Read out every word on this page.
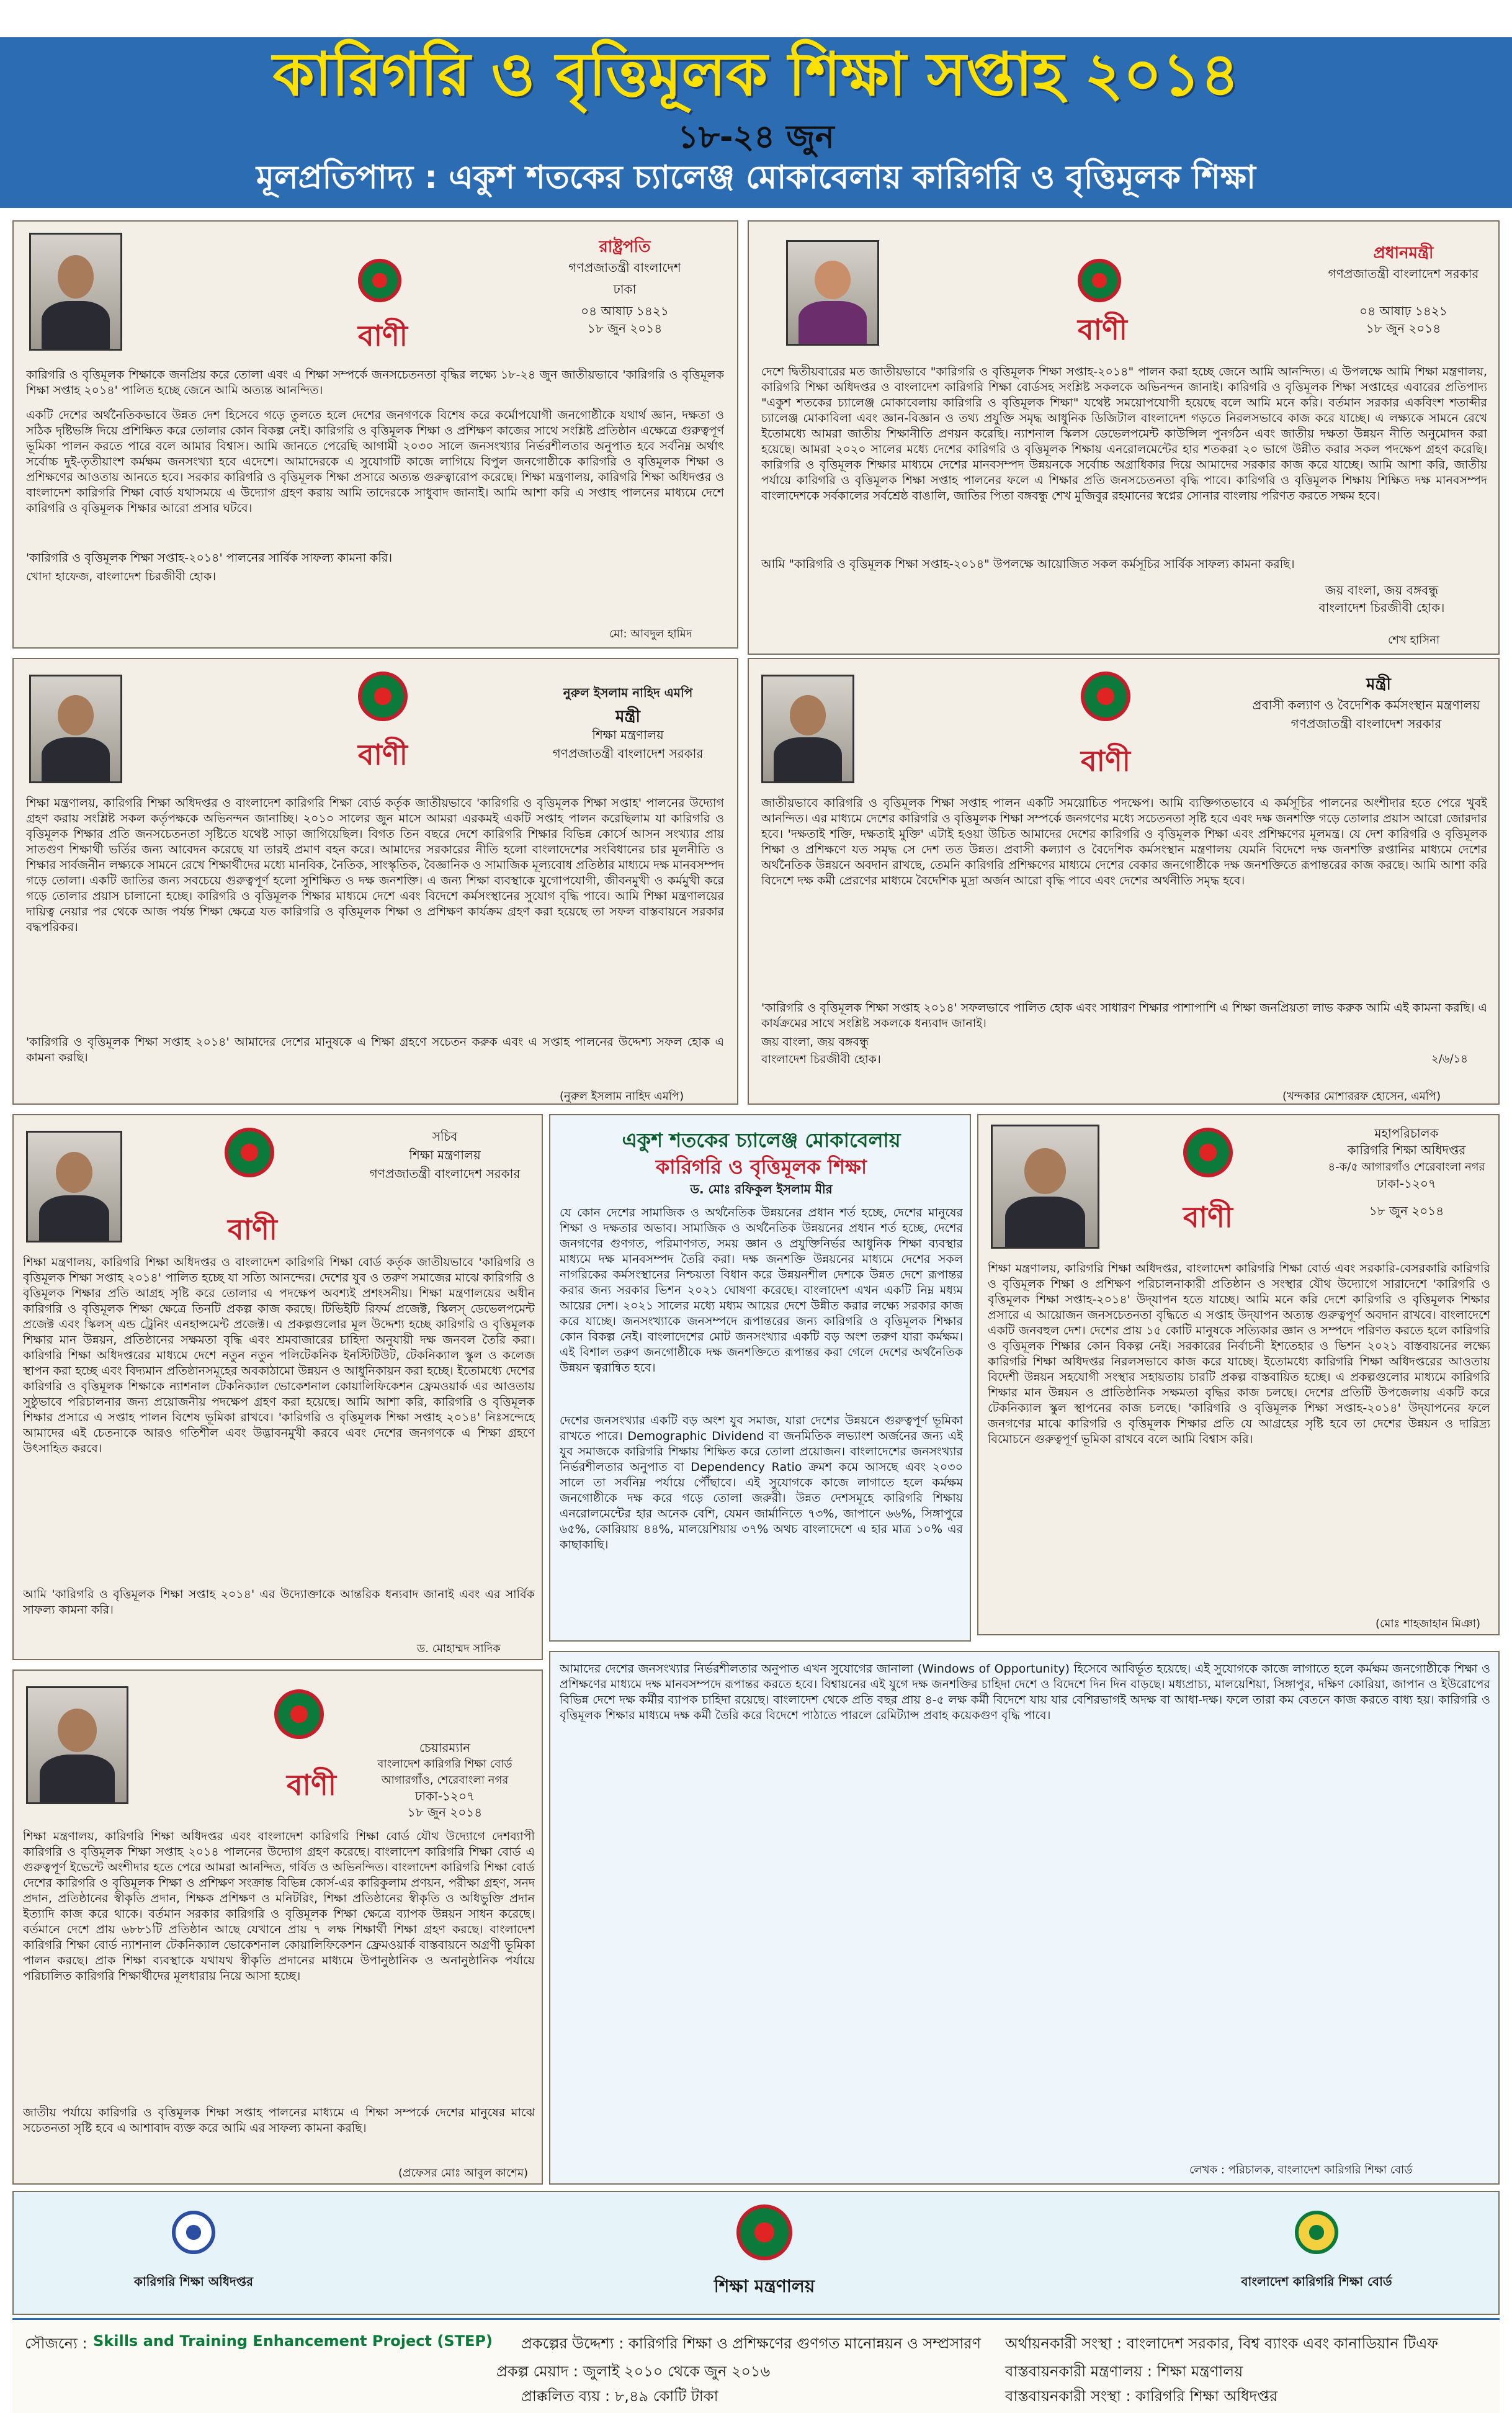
কারিগরি ও বৃত্তিমূলক শিক্ষা সপ্তাহ ২০১৪
১৮-২৪ জুন
মূলপ্রতিপাদ্য : একুশ শতকের চ্যালেঞ্জ মোকাবেলায় কারিগরি ও বৃত্তিমূলক শিক্ষা
বাণী
রাষ্ট্রপতি
গণপ্রজাতন্ত্রী বাংলাদেশ
ঢাকা
০৪ আষাঢ় ১৪২১
১৮ জুন ২০১৪
কারিগরি ও বৃত্তিমূলক শিক্ষাকে জনপ্রিয় করে তোলা এবং এ শিক্ষা সম্পর্কে জনসচেতনতা বৃদ্ধির লক্ষ্যে ১৮-২৪ জুন জাতীয়ভাবে 'কারিগরি ও বৃত্তিমূলক শিক্ষা সপ্তাহ ২০১৪' পালিত হচ্ছে জেনে আমি অত্যন্ত আনন্দিত।
একটি দেশের অর্থনৈতিকভাবে উন্নত দেশ হিসেবে গড়ে তুলতে হলে দেশের জনগণকে বিশেষ করে কর্মোপযোগী জনগোষ্ঠীকে যথার্থ জ্ঞান, দক্ষতা ও সঠিক দৃষ্টিভঙ্গি দিয়ে প্রশিক্ষিত করে তোলার কোন বিকল্প নেই। কারিগরি ও বৃত্তিমূলক শিক্ষা ও প্রশিক্ষণ কাজের সাথে সংশ্লিষ্ট প্রতিষ্ঠান এক্ষেত্রে গুরুত্বপূর্ণ ভূমিকা পালন করতে পারে বলে আমার বিশ্বাস। আমি জানতে পেরেছি আগামী ২০৩০ সালে জনসংখ্যার নির্ভরশীলতার অনুপাত হবে সর্বনিম্ন অর্থাৎ সর্বোচ্চ দুই-তৃতীয়াংশ কর্মক্ষম জনসংখ্যা হবে এদেশে। আমাদেরকে এ সুযোগটি কাজে লাগিয়ে বিপুল জনগোষ্ঠীকে কারিগরি ও বৃত্তিমূলক শিক্ষা ও প্রশিক্ষণের আওতায় আনতে হবে। সরকার কারিগরি ও বৃত্তিমূলক শিক্ষা প্রসারে অত্যন্ত গুরুত্বারোপ করেছে। শিক্ষা মন্ত্রণালয়, কারিগরি শিক্ষা অধিদপ্তর ও বাংলাদেশ কারিগরি শিক্ষা বোর্ড যথাসময়ে এ উদ্যোগ গ্রহণ করায় আমি তাদেরকে সাধুবাদ জানাই। আমি আশা করি এ সপ্তাহ পালনের মাধ্যমে দেশে কারিগরি ও বৃত্তিমূলক শিক্ষার আরো প্রসার ঘটবে।
'কারিগরি ও বৃত্তিমূলক শিক্ষা সপ্তাহ-২০১৪' পালনের সার্বিক সাফল্য কামনা করি।
খোদা হাফেজ, বাংলাদেশ চিরজীবী হোক।
মো: আবদুল হামিদ
বাণী
প্রধানমন্ত্রী
গণপ্রজাতন্ত্রী বাংলাদেশ সরকার
০৪ আষাঢ় ১৪২১
১৮ জুন ২০১৪
দেশে দ্বিতীয়বারের মত জাতীয়ভাবে "কারিগরি ও বৃত্তিমূলক শিক্ষা সপ্তাহ-২০১৪" পালন করা হচ্ছে জেনে আমি আনন্দিত। এ উপলক্ষে আমি শিক্ষা মন্ত্রণালয়, কারিগরি শিক্ষা অধিদপ্তর ও বাংলাদেশ কারিগরি শিক্ষা বোর্ডসহ সংশ্লিষ্ট সকলকে অভিনন্দন জানাই। কারিগরি ও বৃত্তিমূলক শিক্ষা সপ্তাহের এবারের প্রতিপাদ্য "একুশ শতকের চ্যালেঞ্জ মোকাবেলায় কারিগরি ও বৃত্তিমূলক শিক্ষা" যথেষ্ট সময়োপযোগী হয়েছে বলে আমি মনে করি। বর্তমান সরকার একবিংশ শতাব্দীর চ্যালেঞ্জ মোকাবিলা এবং জ্ঞান-বিজ্ঞান ও তথ্য প্রযুক্তি সমৃদ্ধ আধুনিক ডিজিটাল বাংলাদেশ গড়তে নিরলসভাবে কাজ করে যাচ্ছে। এ লক্ষ্যকে সামনে রেখে ইতোমধ্যে আমরা জাতীয় শিক্ষানীতি প্রণয়ন করেছি। ন্যাশনাল স্কিলস ডেভেলপমেন্ট কাউন্সিল পুনর্গঠন এবং জাতীয় দক্ষতা উন্নয়ন নীতি অনুমোদন করা হয়েছে। আমরা ২০২০ সালের মধ্যে দেশের কারিগরি ও বৃত্তিমূলক শিক্ষায় এনরোলমেন্টের হার শতকরা ২০ ভাগে উন্নীত করার সকল পদক্ষেপ গ্রহণ করেছি। কারিগরি ও বৃত্তিমূলক শিক্ষার মাধ্যমে দেশের মানবসম্পদ উন্নয়নকে সর্বোচ্চ অগ্রাধিকার দিয়ে আমাদের সরকার কাজ করে যাচ্ছে। আমি আশা করি, জাতীয় পর্যায়ে কারিগরি ও বৃত্তিমূলক শিক্ষা সপ্তাহ পালনের ফলে এ শিক্ষার প্রতি জনসচেতনতা বৃদ্ধি পাবে। কারিগরি ও বৃত্তিমূলক শিক্ষায় শিক্ষিত দক্ষ মানবসম্পদ বাংলাদেশকে সর্বকালের সর্বশ্রেষ্ঠ বাঙালি, জাতির পিতা বঙ্গবন্ধু শেখ মুজিবুর রহমানের স্বপ্নের সোনার বাংলায় পরিণত করতে সক্ষম হবে।
আমি "কারিগরি ও বৃত্তিমূলক শিক্ষা সপ্তাহ-২০১৪" উপলক্ষে আয়োজিত সকল কর্মসূচির সার্বিক সাফল্য কামনা করছি।
জয় বাংলা, জয় বঙ্গবন্ধু
বাংলাদেশ চিরজীবী হোক।
শেখ হাসিনা
বাণী
নুরুল ইসলাম নাহিদ এমপি
মন্ত্রী
শিক্ষা মন্ত্রণালয়
গণপ্রজাতন্ত্রী বাংলাদেশ সরকার
শিক্ষা মন্ত্রণালয়, কারিগরি শিক্ষা অধিদপ্তর ও বাংলাদেশ কারিগরি শিক্ষা বোর্ড কর্তৃক জাতীয়ভাবে 'কারিগরি ও বৃত্তিমূলক শিক্ষা সপ্তাহ' পালনের উদ্যোগ গ্রহণ করায় সংশ্লিষ্ট সকল কর্তৃপক্ষকে অভিনন্দন জানাচ্ছি। ২০১০ সালের জুন মাসে আমরা এরকমই একটি সপ্তাহ পালন করেছিলাম যা কারিগরি ও বৃত্তিমূলক শিক্ষার প্রতি জনসচেতনতা সৃষ্টিতে যথেষ্ট সাড়া জাগিয়েছিল। বিগত তিন বছরে দেশে কারিগরি শিক্ষার বিভিন্ন কোর্সে আসন সংখ্যার প্রায় সাতগুণ শিক্ষার্থী ভর্তির জন্য আবেদন করেছে যা তারই প্রমাণ বহন করে। আমাদের সরকারের নীতি হলো বাংলাদেশের সংবিধানের চার মূলনীতি ও শিক্ষার সার্বজনীন লক্ষ্যকে সামনে রেখে শিক্ষার্থীদের মধ্যে মানবিক, নৈতিক, সাংস্কৃতিক, বৈজ্ঞানিক ও সামাজিক মূল্যবোধ প্রতিষ্ঠার মাধ্যমে দক্ষ মানবসম্পদ গড়ে তোলা। একটি জাতির জন্য সবচেয়ে গুরুত্বপূর্ণ হলো সুশিক্ষিত ও দক্ষ জনশক্তি। এ জন্য শিক্ষা ব্যবস্থাকে যুগোপযোগী, জীবনমুখী ও কর্মমুখী করে গড়ে তোলার প্রয়াস চালানো হচ্ছে। কারিগরি ও বৃত্তিমূলক শিক্ষার মাধ্যমে দেশে এবং বিদেশে কর্মসংস্থানের সুযোগ বৃদ্ধি পাবে। আমি শিক্ষা মন্ত্রণালয়ের দায়িত্ব নেয়ার পর থেকে আজ পর্যন্ত শিক্ষা ক্ষেত্রে যত কারিগরি ও বৃত্তিমূলক শিক্ষা ও প্রশিক্ষণ কার্যক্রম গ্রহণ করা হয়েছে তা সফল বাস্তবায়নে সরকার বদ্ধপরিকর।
'কারিগরি ও বৃত্তিমূলক শিক্ষা সপ্তাহ ২০১৪' আমাদের দেশের মানুষকে এ শিক্ষা গ্রহণে সচেতন করুক এবং এ সপ্তাহ পালনের উদ্দেশ্য সফল হোক এ কামনা করছি।
(নুরুল ইসলাম নাহিদ এমপি)
বাণী
মন্ত্রী
প্রবাসী কল্যাণ ও বৈদেশিক কর্মসংস্থান মন্ত্রণালয়
গণপ্রজাতন্ত্রী বাংলাদেশ সরকার
জাতীয়ভাবে কারিগরি ও বৃত্তিমূলক শিক্ষা সপ্তাহ পালন একটি সময়োচিত পদক্ষেপ। আমি ব্যক্তিগতভাবে এ কর্মসূচির পালনের অংশীদার হতে পেরে খুবই আনন্দিত। এর মাধ্যমে দেশের কারিগরি ও বৃত্তিমূলক শিক্ষা সম্পর্কে জনগণের মধ্যে সচেতনতা সৃষ্টি হবে এবং দক্ষ জনশক্তি গড়ে তোলার প্রয়াস আরো জোরদার হবে। 'দক্ষতাই শক্তি, দক্ষতাই মুক্তি' এটাই হওয়া উচিত আমাদের দেশের কারিগরি ও বৃত্তিমূলক শিক্ষা এবং প্রশিক্ষণের মূলমন্ত্র। যে দেশ কারিগরি ও বৃত্তিমূলক শিক্ষা ও প্রশিক্ষণে যত সমৃদ্ধ সে দেশ তত উন্নত। প্রবাসী কল্যাণ ও বৈদেশিক কর্মসংস্থান মন্ত্রণালয় যেমনি বিদেশে দক্ষ জনশক্তি রপ্তানির মাধ্যমে দেশের অর্থনৈতিক উন্নয়নে অবদান রাখছে, তেমনি কারিগরি প্রশিক্ষণের মাধ্যমে দেশের বেকার জনগোষ্ঠীকে দক্ষ জনশক্তিতে রূপান্তরের কাজ করছে। আমি আশা করি বিদেশে দক্ষ কর্মী প্রেরণের মাধ্যমে বৈদেশিক মুদ্রা অর্জন আরো বৃদ্ধি পাবে এবং দেশের অর্থনীতি সমৃদ্ধ হবে।
'কারিগরি ও বৃত্তিমূলক শিক্ষা সপ্তাহ ২০১৪' সফলভাবে পালিত হোক এবং সাধারণ শিক্ষার পাশাপাশি এ শিক্ষা জনপ্রিয়তা লাভ করুক আমি এই কামনা করছি। এ কার্যক্রমের সাথে সংশ্লিষ্ট সকলকে ধন্যবাদ জানাই।
জয় বাংলা, জয় বঙ্গবন্ধু
বাংলাদেশ চিরজীবী হোক।	২/৬/১৪
(খন্দকার মোশাররফ হোসেন, এমপি)
বাণী
সচিব
শিক্ষা মন্ত্রণালয়
গণপ্রজাতন্ত্রী বাংলাদেশ সরকার
শিক্ষা মন্ত্রণালয়, কারিগরি শিক্ষা অধিদপ্তর ও বাংলাদেশ কারিগরি শিক্ষা বোর্ড কর্তৃক জাতীয়ভাবে 'কারিগরি ও বৃত্তিমূলক শিক্ষা সপ্তাহ ২০১৪' পালিত হচ্ছে যা সত্যি আনন্দের। দেশের যুব ও তরুণ সমাজের মাঝে কারিগরি ও বৃত্তিমূলক শিক্ষার প্রতি আগ্রহ সৃষ্টি করে তোলার এ পদক্ষেপ অবশ্যই প্রশংসনীয়। শিক্ষা মন্ত্রণালয়ের অধীন কারিগরি ও বৃত্তিমূলক শিক্ষা ক্ষেত্রে তিনটি প্রকল্প কাজ করছে। টিভিইটি রিফর্ম প্রজেক্ট, স্কিলস্ ডেভেলপমেন্ট প্রজেক্ট এবং স্কিলস্ এন্ড ট্রেনিং এনহান্সমেন্ট প্রজেক্ট। এ প্রকল্পগুলোর মূল উদ্দেশ্য হচ্ছে কারিগরি ও বৃত্তিমূলক শিক্ষার মান উন্নয়ন, প্রতিষ্ঠানের সক্ষমতা বৃদ্ধি এবং শ্রমবাজারের চাহিদা অনুযায়ী দক্ষ জনবল তৈরি করা। কারিগরি শিক্ষা অধিদপ্তরের মাধ্যমে দেশে নতুন নতুন পলিটেকনিক ইনস্টিটিউট, টেকনিক্যাল স্কুল ও কলেজ স্থাপন করা হচ্ছে এবং বিদ্যমান প্রতিষ্ঠানসমূহের অবকাঠামো উন্নয়ন ও আধুনিকায়ন করা হচ্ছে। ইতোমধ্যে দেশের কারিগরি ও বৃত্তিমূলক শিক্ষাকে ন্যাশনাল টেকনিক্যাল ভোকেশনাল কোয়ালিফিকেশন ফ্রেমওয়ার্ক এর আওতায় সুষ্ঠুভাবে পরিচালনার জন্য প্রয়োজনীয় পদক্ষেপ গ্রহণ করা হয়েছে। আমি আশা করি, কারিগরি ও বৃত্তিমূলক শিক্ষার প্রসারে এ সপ্তাহ পালন বিশেষ ভূমিকা রাখবে। 'কারিগরি ও বৃত্তিমূলক শিক্ষা সপ্তাহ ২০১৪' নিঃসন্দেহে আমাদের এই চেতনাকে আরও গতিশীল এবং উদ্ভাবনমুখী করবে এবং দেশের জনগণকে এ শিক্ষা গ্রহণে উৎসাহিত করবে।
আমি 'কারিগরি ও বৃত্তিমূলক শিক্ষা সপ্তাহ ২০১৪' এর উদ্যোক্তাকে আন্তরিক ধন্যবাদ জানাই এবং এর সার্বিক সাফল্য কামনা করি।
ড. মোহাম্মদ সাদিক
একুশ শতকের চ্যালেঞ্জ মোকাবেলায়
কারিগরি ও বৃত্তিমূলক শিক্ষা
ড. মোঃ রফিকুল ইসলাম মীর
যে কোন দেশের সামাজিক ও অর্থনৈতিক উন্নয়নের প্রধান শর্ত হচ্ছে, দেশের মানুষের শিক্ষা ও দক্ষতার অভাব। সামাজিক ও অর্থনৈতিক উন্নয়নের প্রধান শর্ত হচ্ছে, দেশের জনগণের গুণগত, পরিমাণগত, সময় জ্ঞান ও প্রযুক্তিনির্ভর আধুনিক শিক্ষা ব্যবস্থার মাধ্যমে দক্ষ মানবসম্পদ তৈরি করা। দক্ষ জনশক্তি উন্নয়নের মাধ্যমে দেশের সকল নাগরিকের কর্মসংস্থানের নিশ্চয়তা বিধান করে উন্নয়নশীল দেশকে উন্নত দেশে রূপান্তর করার জন্য সরকার ভিশন ২০২১ ঘোষণা করেছে। বাংলাদেশ এখন একটি নিম্ন মধ্যম আয়ের দেশ। ২০২১ সালের মধ্যে মধ্যম আয়ের দেশে উন্নীত করার লক্ষ্যে সরকার কাজ করে যাচ্ছে। জনসংখ্যাকে জনসম্পদে রূপান্তরের জন্য কারিগরি ও বৃত্তিমূলক শিক্ষার কোন বিকল্প নেই। বাংলাদেশের মোট জনসংখ্যার একটি বড় অংশ তরুণ যারা কর্মক্ষম। এই বিশাল তরুণ জনগোষ্ঠীকে দক্ষ জনশক্তিতে রূপান্তর করা গেলে দেশের অর্থনৈতিক উন্নয়ন ত্বরান্বিত হবে।
দেশের জনসংখ্যার একটি বড় অংশ যুব সমাজ, যারা দেশের উন্নয়নে গুরুত্বপূর্ণ ভূমিকা রাখতে পারে। Demographic Dividend বা জনমিতিক লভ্যাংশ অর্জনের জন্য এই যুব সমাজকে কারিগরি শিক্ষায় শিক্ষিত করে তোলা প্রয়োজন। বাংলাদেশের জনসংখ্যার নির্ভরশীলতার অনুপাত বা Dependency Ratio ক্রমশ কমে আসছে এবং ২০৩০ সালে তা সর্বনিম্ন পর্যায়ে পৌঁছাবে। এই সুযোগকে কাজে লাগাতে হলে কর্মক্ষম জনগোষ্ঠীকে দক্ষ করে গড়ে তোলা জরুরী। উন্নত দেশসমূহে কারিগরি শিক্ষায় এনরোলমেন্টের হার অনেক বেশি, যেমন জার্মানিতে ৭৩%, জাপানে ৬৬%, সিঙ্গাপুরে ৬৫%, কোরিয়ায় ৪৪%, মালয়েশিয়ায় ৩৭% অথচ বাংলাদেশে এ হার মাত্র ১০% এর কাছাকাছি।
বাণী
মহাপরিচালক
কারিগরি শিক্ষা অধিদপ্তর
৪-ক/৫ আগারগাঁও শেরেবাংলা নগর
ঢাকা-১২০৭
১৮ জুন ২০১৪
শিক্ষা মন্ত্রণালয়, কারিগরি শিক্ষা অধিদপ্তর, বাংলাদেশ কারিগরি শিক্ষা বোর্ড এবং সরকারি-বেসরকারি কারিগরি ও বৃত্তিমূলক শিক্ষা ও প্রশিক্ষণ পরিচালনাকারী প্রতিষ্ঠান ও সংস্থার যৌথ উদ্যোগে সারাদেশে 'কারিগরি ও বৃত্তিমূলক শিক্ষা সপ্তাহ-২০১৪' উদ্‌যাপন হতে যাচ্ছে। আমি মনে করি দেশে কারিগরি ও বৃত্তিমূলক শিক্ষার প্রসারে এ আয়োজন জনসচেতনতা বৃদ্ধিতে এ সপ্তাহ উদ্‌যাপন অত্যন্ত গুরুত্বপূর্ণ অবদান রাখবে। বাংলাদেশে একটি জনবহুল দেশ। দেশের প্রায় ১৫ কোটি মানুষকে সত্যিকার জ্ঞান ও সম্পদে পরিণত করতে হলে কারিগরি ও বৃত্তিমূলক শিক্ষার কোন বিকল্প নেই। সরকারের নির্বাচনী ইশতেহার ও ভিশন ২০২১ বাস্তবায়নের লক্ষ্যে কারিগরি শিক্ষা অধিদপ্তর নিরলসভাবে কাজ করে যাচ্ছে। ইতোমধ্যে কারিগরি শিক্ষা অধিদপ্তরের আওতায় বিদেশী উন্নয়ন সহযোগী সংস্থার সহায়তায় চারটি প্রকল্প বাস্তবায়িত হচ্ছে। এ প্রকল্পগুলোর মাধ্যমে কারিগরি শিক্ষার মান উন্নয়ন ও প্রাতিষ্ঠানিক সক্ষমতা বৃদ্ধির কাজ চলছে। দেশের প্রতিটি উপজেলায় একটি করে টেকনিক্যাল স্কুল স্থাপনের কাজ চলছে। 'কারিগরি ও বৃত্তিমূলক শিক্ষা সপ্তাহ-২০১৪' উদ্‌যাপনের ফলে জনগণের মাঝে কারিগরি ও বৃত্তিমূলক শিক্ষার প্রতি যে আগ্রহের সৃষ্টি হবে তা দেশের উন্নয়ন ও দারিদ্র্য বিমোচনে গুরুত্বপূর্ণ ভূমিকা রাখবে বলে আমি বিশ্বাস করি।
(মোঃ শাহজাহান মিঞা)
বাণী
চেয়ারম্যান
বাংলাদেশ কারিগরি শিক্ষা বোর্ড
আগারগাঁও, শেরেবাংলা নগর
ঢাকা-১২০৭
১৮ জুন ২০১৪
শিক্ষা মন্ত্রণালয়, কারিগরি শিক্ষা অধিদপ্তর এবং বাংলাদেশ কারিগরি শিক্ষা বোর্ড যৌথ উদ্যোগে দেশব্যাপী কারিগরি ও বৃত্তিমূলক শিক্ষা সপ্তাহ ২০১৪ পালনের উদ্যোগ গ্রহণ করেছে। বাংলাদেশ কারিগরি শিক্ষা বোর্ড এ গুরুত্বপূর্ণ ইভেন্টে অংশীদার হতে পেরে আমরা আনন্দিত, গর্বিত ও অভিনন্দিত। বাংলাদেশ কারিগরি শিক্ষা বোর্ড দেশের কারিগরি ও বৃত্তিমূলক শিক্ষা ও প্রশিক্ষণ সংক্রান্ত বিভিন্ন কোর্স-এর কারিকুলাম প্রণয়ন, পরীক্ষা গ্রহণ, সনদ প্রদান, প্রতিষ্ঠানের স্বীকৃতি প্রদান, শিক্ষক প্রশিক্ষণ ও মনিটরিং, শিক্ষা প্রতিষ্ঠানের স্বীকৃতি ও অধিভুক্তি প্রদান ইত্যাদি কাজ করে থাকে। বর্তমান সরকার কারিগরি ও বৃত্তিমূলক শিক্ষা ক্ষেত্রে ব্যাপক উন্নয়ন সাধন করেছে। বর্তমানে দেশে প্রায় ৬৮৮১টি প্রতিষ্ঠান আছে যেখানে প্রায় ৭ লক্ষ শিক্ষার্থী শিক্ষা গ্রহণ করছে। বাংলাদেশ কারিগরি শিক্ষা বোর্ড ন্যাশনাল টেকনিক্যাল ভোকেশনাল কোয়ালিফিকেশন ফ্রেমওয়ার্ক বাস্তবায়নে অগ্রণী ভূমিকা পালন করছে। প্রাক শিক্ষা ব্যবস্থাকে যথাযথ স্বীকৃতি প্রদানের মাধ্যমে উপানুষ্ঠানিক ও অনানুষ্ঠানিক পর্যায়ে পরিচালিত কারিগরি শিক্ষার্থীদের মূলধারায় নিয়ে আসা হচ্ছে।
জাতীয় পর্যায়ে কারিগরি ও বৃত্তিমূলক শিক্ষা সপ্তাহ পালনের মাধ্যমে এ শিক্ষা সম্পর্কে দেশের মানুষের মাঝে সচেতনতা সৃষ্টি হবে এ আশাবাদ ব্যক্ত করে আমি এর সাফল্য কামনা করছি।
(প্রফেসর মোঃ আবুল কাশেম)
আমাদের দেশের জনসংখ্যার নির্ভরশীলতার অনুপাত এখন সুযোগের জানালা (Windows of Opportunity) হিসেবে আবির্ভূত হয়েছে। এই সুযোগকে কাজে লাগাতে হলে কর্মক্ষম জনগোষ্ঠীকে শিক্ষা ও প্রশিক্ষণের মাধ্যমে দক্ষ মানবসম্পদে রূপান্তর করতে হবে। বিশ্বায়নের এই যুগে দক্ষ জনশক্তির চাহিদা দেশে ও বিদেশে দিন দিন বাড়ছে। মধ্যপ্রাচ্য, মালয়েশিয়া, সিঙ্গাপুর, দক্ষিণ কোরিয়া, জাপান ও ইউরোপের বিভিন্ন দেশে দক্ষ কর্মীর ব্যাপক চাহিদা রয়েছে। বাংলাদেশ থেকে প্রতি বছর প্রায় ৪-৫ লক্ষ কর্মী বিদেশে যায় যার বেশিরভাগই অদক্ষ বা আধা-দক্ষ। ফলে তারা কম বেতনে কাজ করতে বাধ্য হয়। কারিগরি ও বৃত্তিমূলক শিক্ষার মাধ্যমে দক্ষ কর্মী তৈরি করে বিদেশে পাঠাতে পারলে রেমিট্যান্স প্রবাহ কয়েকগুণ বৃদ্ধি পাবে।
লেখক : পরিচালক, বাংলাদেশ কারিগরি শিক্ষা বোর্ড
কারিগরি শিক্ষা অধিদপ্তর	শিক্ষা মন্ত্রণালয়	বাংলাদেশ কারিগরি শিক্ষা বোর্ড
সৌজন্যে : Skills and Training Enhancement Project (STEP) প্রকল্পের উদ্দেশ্য : কারিগরি শিক্ষা ও প্রশিক্ষণের গুণগত মানোন্নয়ন ও সম্প্রসারণ
প্রকল্প মেয়াদ : জুলাই ২০১০ থেকে জুন ২০১৬
প্রাক্কলিত ব্যয় : ৮,৪৯ কোটি টাকা
অর্থায়নকারী সংস্থা : বাংলাদেশ সরকার, বিশ্ব ব্যাংক এবং কানাডিয়ান টিএফ
বাস্তবায়নকারী মন্ত্রণালয় : শিক্ষা মন্ত্রণালয়
বাস্তবায়নকারী সংস্থা : কারিগরি শিক্ষা অধিদপ্তর
